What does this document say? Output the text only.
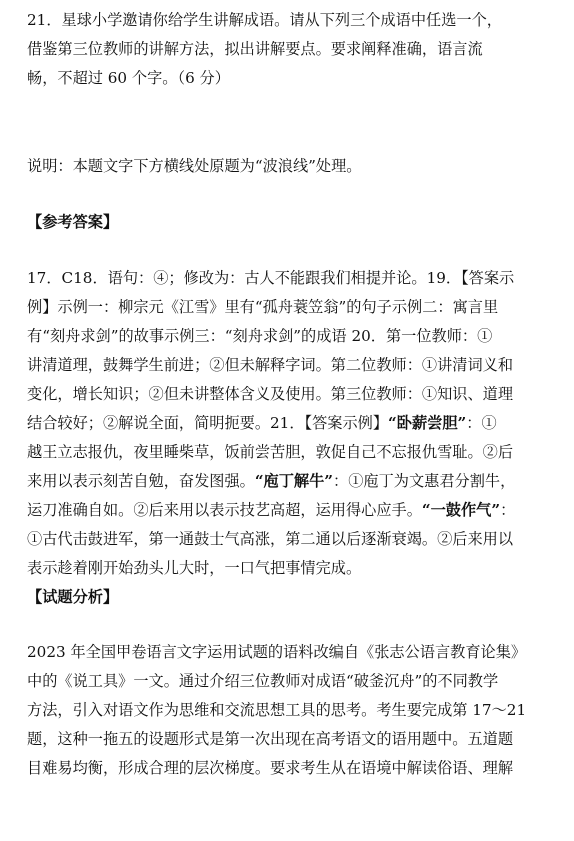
21．星球小学邀请你给学生讲解成语。请从下列三个成语中任选一个，
借鉴第三位教师的讲解方法，拟出讲解要点。要求阐释准确，语言流
畅，不超过 60 个字。（6 分）
说明：本题文字下方横线处原题为“波浪线”处理。
【参考答案】
17．C18．语句：④；修改为：古人不能跟我们相提并论。19．【答案示
例】示例一：柳宗元《江雪》里有“孤舟蓑笠翁”的句子示例二：寓言里
有“刻舟求剑”的故事示例三：“刻舟求剑”的成语 20．第一位教师：①
讲清道理，鼓舞学生前进；②但未解释字词。第二位教师：①讲清词义和
变化，增长知识；②但未讲整体含义及使用。第三位教师：①知识、道理
结合较好；②解说全面，简明扼要。21．【答案示例】“卧薪尝胆”：①
越王立志报仇，夜里睡柴草，饭前尝苦胆，敦促自己不忘报仇雪耻。②后
来用以表示刻苦自勉，奋发图强。“庖丁解牛”：①庖丁为文惠君分割牛，
运刀准确自如。②后来用以表示技艺高超，运用得心应手。“一鼓作气”：
①古代击鼓进军，第一通鼓士气高涨，第二通以后逐渐衰竭。②后来用以
表示趁着刚开始劲头儿大时，一口气把事情完成。
【试题分析】
2023 年全国甲卷语言文字运用试题的语料改编自《张志公语言教育论集》
中的《说工具》一文。通过介绍三位教师对成语“破釜沉舟”的不同教学
方法，引入对语文作为思维和交流思想工具的思考。考生要完成第 17～21
题，这种一拖五的设题形式是第一次出现在高考语文的语用题中。五道题
目难易均衡，形成合理的层次梯度。要求考生从在语境中解读俗语、理解
